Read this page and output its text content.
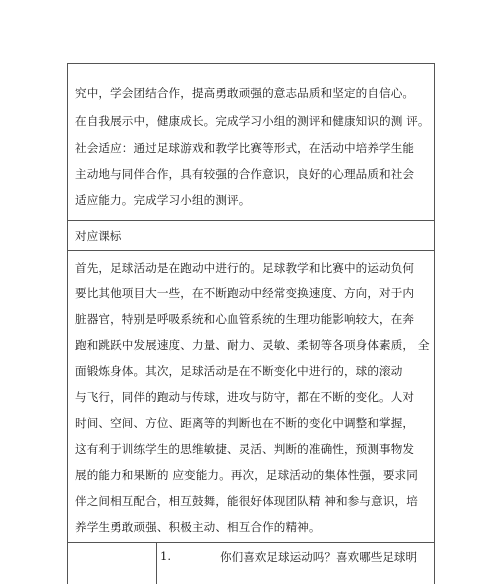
究中，学会团结合作，提高勇敢顽强的意志品质和坚定的自信心。
在自我展示中，健康成长。完成学习小组的测评和健康知识的测 评。
社会适应：通过足球游戏和教学比赛等形式，在活动中培养学生能
主动地与同伴合作，具有较强的合作意识，良好的心理品质和社会
适应能力。完成学习小组的测评。
对应课标
首先，足球活动是在跑动中进行的。足球教学和比赛中的运动负何
要比其他项目大一些，在不断跑动中经常变换速度、方向，对于内
脏器官，特别是呼吸系统和心血管系统的生理功能影响较大，在奔
跑和跳跃中发展速度、力量、耐力、灵敏、柔韧等各项身体素质， 全
面锻炼身体。其次，足球活动是在不断变化中进行的，球的滚动
与飞行，同伴的跑动与传球，进攻与防守，都在不断的变化。人对
时间、空间、方位、距离等的判断也在不断的变化中调整和掌握，
这有利于训练学生的思维敏捷、灵活、判断的准确性，预测事物发
展的能力和果断的 应变能力。再次，足球活动的集体性强，要求同
伴之间相互配合，相互鼓舞，能很好体现团队精 神和参与意识，培
养学生勇敢顽强、积极主动、相互合作的精神。
1.	你们喜欢足球运动吗？喜欢哪些足球明
